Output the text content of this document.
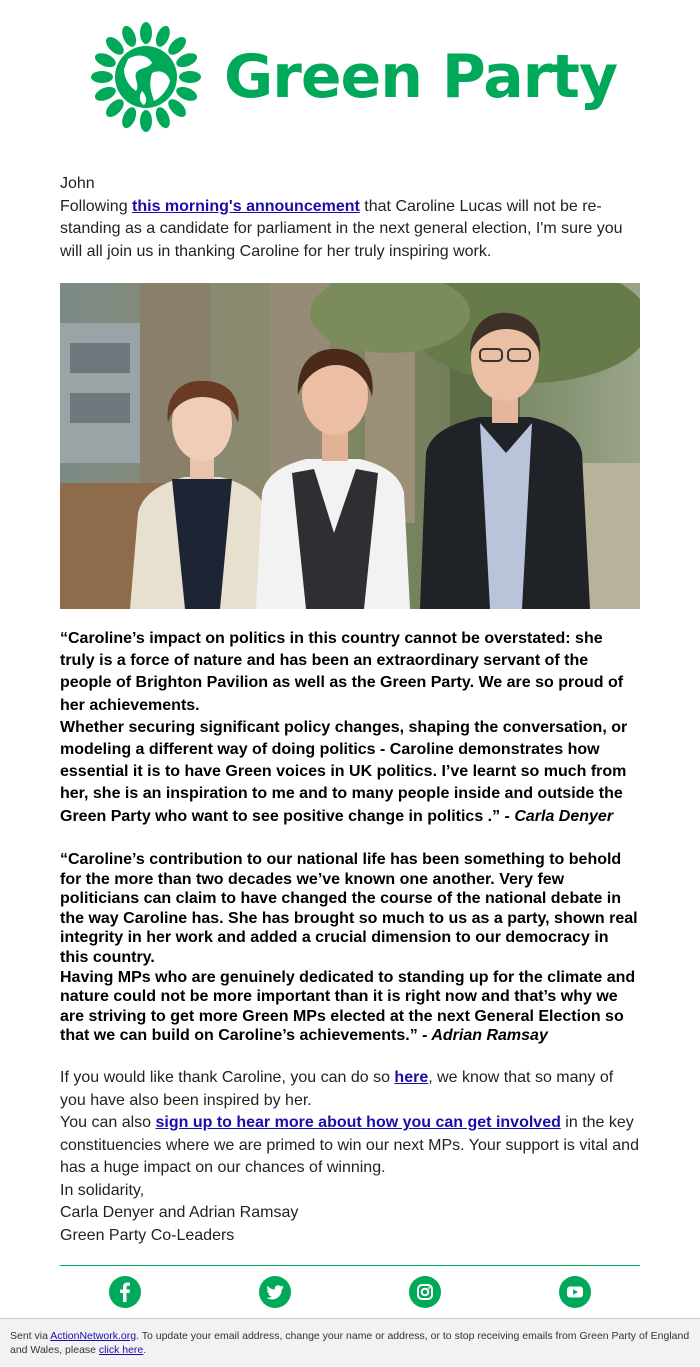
Green Party

John

Following this morning's announcement that Caroline Lucas will not be re-standing as a candidate for parliament in the next general election, I'm sure you will all join us in thanking Caroline for her truly inspiring work.

“Caroline’s impact on politics in this country cannot be overstated: she truly is a force of nature and has been an extraordinary servant of the people of Brighton Pavilion as well as the Green Party. We are so proud of her achievements.

Whether securing significant policy changes, shaping the conversation, or modeling a different way of doing politics - Caroline demonstrates how essential it is to have Green voices in UK politics. I’ve learnt so much from her, she is an inspiration to me and to many people inside and outside the Green Party who want to see positive change in politics .” - Carla Denyer

“Caroline’s contribution to our national life has been something to behold for the more than two decades we’ve known one another. Very few politicians can claim to have changed the course of the national debate in the way Caroline has. She has brought so much to us as a party, shown real integrity in her work and added a crucial dimension to our democracy in this country.

Having MPs who are genuinely dedicated to standing up for the climate and nature could not be more important than it is right now and that’s why we are striving to get more Green MPs elected at the next General Election so that we can build on Caroline’s achievements.” - Adrian Ramsay

If you would like thank Caroline, you can do so here, we know that so many of you have also been inspired by her.

You can also sign up to hear more about how you can get involved in the key constituencies where we are primed to win our next MPs. Your support is vital and has a huge impact on our chances of winning.

In solidarity,

Carla Denyer and Adrian Ramsay

Green Party Co-Leaders

Sent via ActionNetwork.org. To update your email address, change your name or address, or to stop receiving emails from Green Party of England and Wales, please click here.
